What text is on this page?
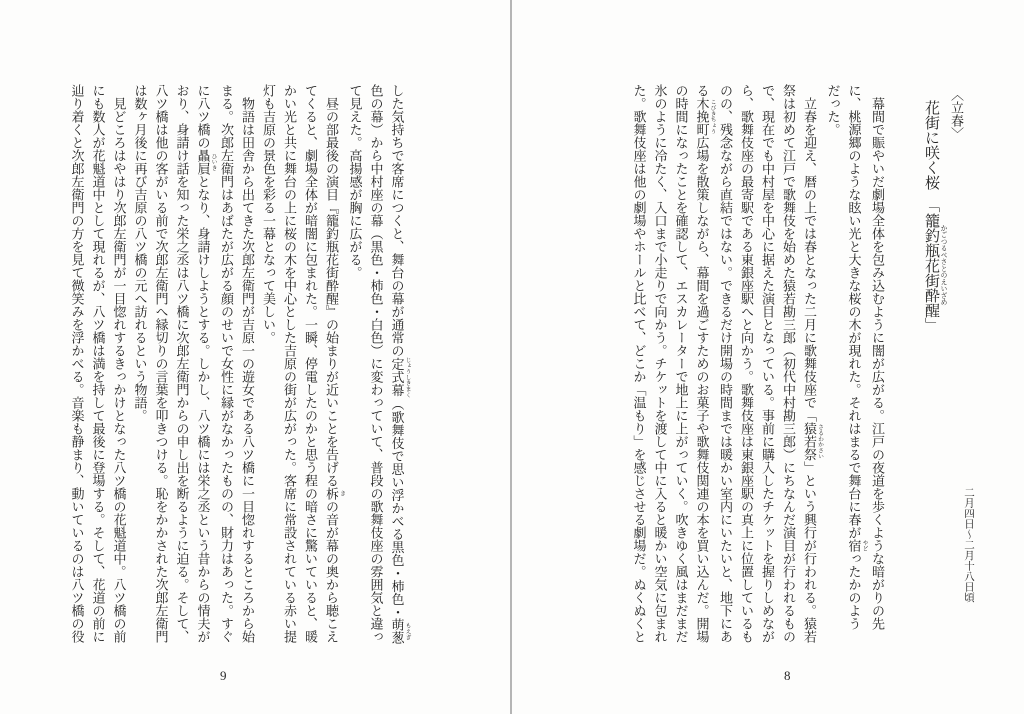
した気持ちで客席につくと、舞台の幕が通常の定式幕 じょうしきまく（歌舞伎で思い浮かべる黒色・柿色・萌葱 もえぎ
色の幕）から中村座の幕（黒色・柿色・白色）に変わっていて、普段の歌舞伎座の雰囲気と違っ
て見えた。高揚感が胸に広がる。
　昼の部最後の演目『籠釣瓶花街酔醒』の始まりが近いことを告げる柝 きの音が幕の奥から聴こえ
てくると、劇場全体が暗闇に包まれた。一瞬、停電したのかと思う程の暗さに驚いていると、暖
かい光と共に舞台の上に桜の木を中心とした吉原の街が広がった。客席に常設されている赤い提
灯も吉原の景色を彩る一幕となって美しい。
　物語は田舎から出てきた次郎左衛門が吉原一の遊女である八ツ橋に一目惚れするところから始
まる。次郎左衛門はあばたが広がる顔のせいで女性に縁がなかったものの、財力はあった。すぐ
に八ツ橋の贔屓 ひいきとなり、身請けしようとする。しかし、八ツ橋には栄之丞という昔からの情夫が
おり、身請け話を知った栄之丞は八ツ橋に次郎左衛門からの申し出を断るように迫る。そして、
八ツ橋は他の客がいる前で次郎左衛門へ縁切りの言葉を叩きつける。恥をかかされた次郎左衛門
は数ヶ月後に再び吉原の八ツ橋の元へ訪れるという物語。
　見どころはやはり次郎左衛門が一目惚れするきっかけとなった八ツ橋の花魁道中。八ツ橋の前
にも数人が花魁道中として現れるが、八ツ橋は満を持して最後に登場する。そして、花道の前に
辿り着くと次郎左衛門の方を見て微笑みを浮かべる。音楽も静まり、動いているのは八ツ橋の役
9
〈立春〉
花街に咲く桜　「籠釣瓶花街酔醒 かごつるべさとのえいざめ」
二月四日〜二月十八日頃
　幕間で賑やいだ劇場全体を包み込むように闇が広がる。江戸の夜道を歩くような暗がりの先
に、桃源郷のような眩い光と大きな桜の木が現れた。それはまるで舞台に春が宿 やどったかのよう
だった。
　立春を迎え、暦の上では春となった二月に歌舞伎座で「猿若祭 さるわかさい」という興行が行われる。猿若
祭は初めて江戸で歌舞伎を始めた猿若勘三郎（初代中村勘三郎）にちなんだ演目が行われるもの
で、現在でも中村屋を中心に据えた演目となっている。事前に購入したチケットを握りしめなが
ら、歌舞伎座の最寄駅である東銀座駅へと向かう。歌舞伎座は東銀座駅の真上に位置しているも
のの、残念ながら直結ではない。できるだけ開場の時間までは暖かい室内にいたいと、地下にあ
る木挽町 こびきちょう広場を散策しながら、幕間を過ごすためのお菓子や歌舞伎関連の本を買い込んだ。開場
の時間になったことを確認して、エスカレーターで地上に上がっていく。吹きゆく風はまだまだ
氷のように冷たく、入口まで小走りで向かう。チケットを渡して中に入ると暖かい空気に包まれ
た。歌舞伎座は他の劇場やホールと比べて、どこか「温もり」を感じさせる劇場だ。ぬくぬくと
8
